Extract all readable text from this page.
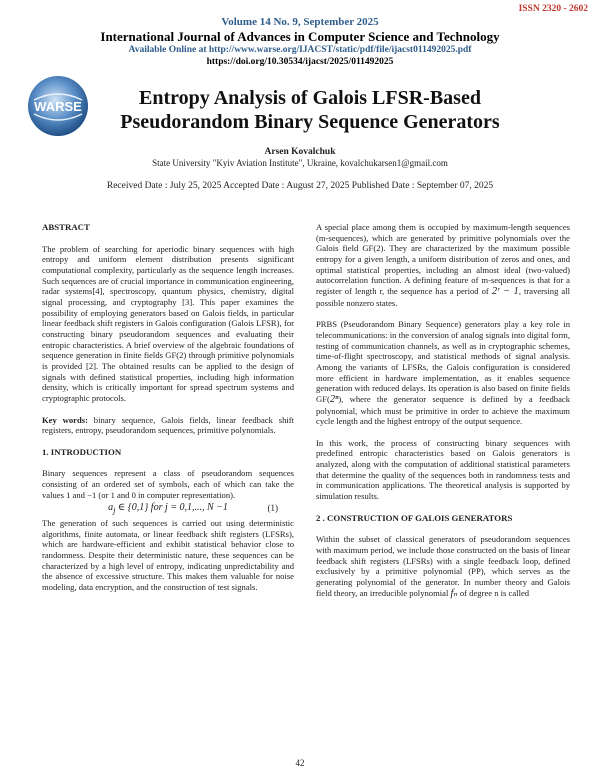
ISSN 2320 - 2602
Volume 14 No. 9, September 2025
International Journal of Advances in Computer Science and Technology
Available Online at http://www.warse.org/IJACST/static/pdf/file/ijacst011492025.pdf
https://doi.org/10.30534/ijacst/2025/011492025
WARSE	Entropy Analysis of Galois LFSR-Based
Pseudorandom Binary Sequence Generators
Arsen Kovalchuk
State University "Kyiv Aviation Institute", Ukraine, kovalchukarsen1@gmail.com
Received Date : July 25, 2025 Accepted Date : August 27, 2025 Published Date : September 07, 2025
ABSTRACT

The problem of searching for aperiodic binary sequences with high entropy and uniform element distribution presents significant computational complexity, particularly as the sequence length increases. Such sequences are of crucial importance in communication engineering, radar systems[4], spectroscopy, quantum physics, chemistry, digital signal processing, and cryptography [3]. This paper examines the possibility of employing generators based on Galois fields, in particular linear feedback shift registers in Galois configuration (Galois LFSR), for constructing binary pseudorandom sequences and evaluating their entropic characteristics. A brief overview of the algebraic foundations of sequence generation in finite fields GF(2) through primitive polynomials is provided [2]. The obtained results can be applied to the design of signals with defined statistical properties, including high information density, which is critically important for spread spectrum systems and cryptographic protocols.

Key words: binary sequence, Galois fields, linear feedback shift registers, entropy, pseudorandom sequences, primitive polynomials.

1. INTRODUCTION

Binary sequences represent a class of pseudorandom sequences consisting of an ordered set of symbols, each of which can take the values 1 and −1 (or 1 and 0 in computer representation).

$a_j$ ∈ {0,1} for j = 0,1,..., N −1	(1)

The generation of such sequences is carried out using deterministic algorithms, finite automata, or linear feedback shift registers (LFSRs), which are hardware-efficient and exhibit statistical behavior close to randomness. Despite their deterministic nature, these sequences can be characterized by a high level of entropy, indicating unpredictability and the absence of excessive structure. This makes them valuable for noise modeling, data encryption, and the construction of test signals.

A special place among them is occupied by maximum-length sequences (m-sequences), which are generated by primitive polynomials over the Galois field GF(2). They are characterized by the maximum possible entropy for a given length, a uniform distribution of zeros and ones, and optimal statistical properties, including an almost ideal (two-valued) autocorrelation function. A defining feature of m-sequences is that for a register of length r, the sequence has a period of 2ʳ − 1, traversing all possible nonzero states.

PRBS (Pseudorandom Binary Sequence) generators play a key role in telecommunications: in the conversion of analog signals into digital form, testing of communication channels, as well as in cryptographic schemes, time-of-flight spectroscopy, and statistical methods of signal analysis. Among the variants of LFSRs, the Galois configuration is considered more efficient in hardware implementation, as it enables sequence generation with reduced delays. Its operation is also based on finite fields GF(2ⁿ), where the generator sequence is defined by a feedback polynomial, which must be primitive in order to achieve the maximum cycle length and the highest entropy of the output sequence.

In this work, the process of constructing binary sequences with predefined entropic characteristics based on Galois generators is analyzed, along with the computation of additional statistical parameters that determine the quality of the sequences both in randomness tests and in communication applications. The theoretical analysis is supported by simulation results.

2 . CONSTRUCTION OF GALOIS GENERATORS

Within the subset of classical generators of pseudorandom sequences with maximum period, we include those constructed on the basis of linear feedback shift registers (LFSRs) with a single feedback loop, defined exclusively by a primitive polynomial (PP), which serves as the generating polynomial of the generator. In number theory and Galois field theory, an irreducible polynomial fₙ of degree n is called

42
